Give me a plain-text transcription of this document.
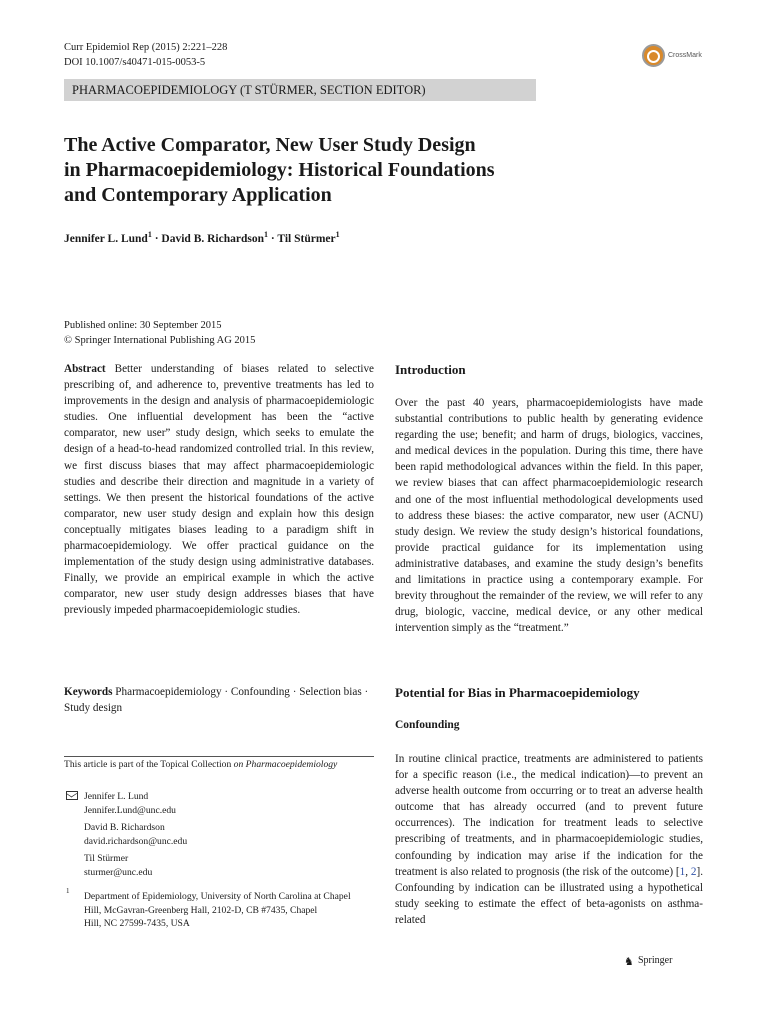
Curr Epidemiol Rep (2015) 2:221–228
DOI 10.1007/s40471-015-0053-5
CrossMark
PHARMACOEPIDEMIOLOGY (T STÜRMER, SECTION EDITOR)
The Active Comparator, New User Study Design
in Pharmacoepidemiology: Historical Foundations
and Contemporary Application
Jennifer L. Lund$^1$ · David B. Richardson$^1$ · Til Stürmer$^1$
Published online: 30 September 2015
© Springer International Publishing AG 2015
Abstract Better understanding of biases related to selective prescribing of, and adherence to, preventive treatments has led to improvements in the design and analysis of pharmacoepidemiologic studies. One influential development has been the “active comparator, new user” study design, which seeks to emulate the design of a head-to-head randomized controlled trial. In this review, we first discuss biases that may affect pharmacoepidemiologic studies and describe their direction and magnitude in a variety of settings. We then present the historical foundations of the active comparator, new user study design and explain how this design conceptually mitigates biases leading to a paradigm shift in pharmacoepidemiology. We offer practical guidance on the implementation of the study design using administrative databases. Finally, we provide an empirical example in which the active comparator, new user study design addresses biases that have previously impeded pharmacoepidemiologic studies.
Keywords Pharmacoepidemiology · Confounding · Selection bias · Study design
This article is part of the Topical Collection on Pharmacoepidemiology
Jennifer L. Lund
Jennifer.Lund@unc.edu
David B. Richardson
david.richardson@unc.edu
Til Stürmer
sturmer@unc.edu
1 Department of Epidemiology, University of North Carolina at Chapel
Hill, McGavran-Greenberg Hall, 2102-D, CB #7435, Chapel
Hill, NC 27599-7435, USA
Introduction
Over the past 40 years, pharmacoepidemiologists have made substantial contributions to public health by generating evidence regarding the use; benefit; and harm of drugs, biologics, vaccines, and medical devices in the population. During this time, there have been rapid methodological advances within the field. In this paper, we review biases that can affect pharmacoepidemiologic research and one of the most influential methodological developments used to address these biases: the active comparator, new user (ACNU) study design. We review the study design’s historical foundations, provide practical guidance for its implementation using administrative databases, and examine the study design’s benefits and limitations in practice using a contemporary example. For brevity throughout the remainder of the review, we will refer to any drug, biologic, vaccine, medical device, or any other medical intervention simply as the “treatment.”
Potential for Bias in Pharmacoepidemiology
Confounding
In routine clinical practice, treatments are administered to patients for a specific reason (i.e., the medical indication)—to prevent an adverse health outcome from occurring or to treat an adverse health outcome that has already occurred (and to prevent future occurrences). The indication for treatment leads to selective prescribing of treatments, and in pharmacoepidemiologic studies, confounding by indication may arise if the indication for the treatment is also related to prognosis (the risk of the outcome) [1, 2]. Confounding by indication can be illustrated using a hypothetical study seeking to estimate the effect of beta-agonists on asthma-related
♞ Springer
